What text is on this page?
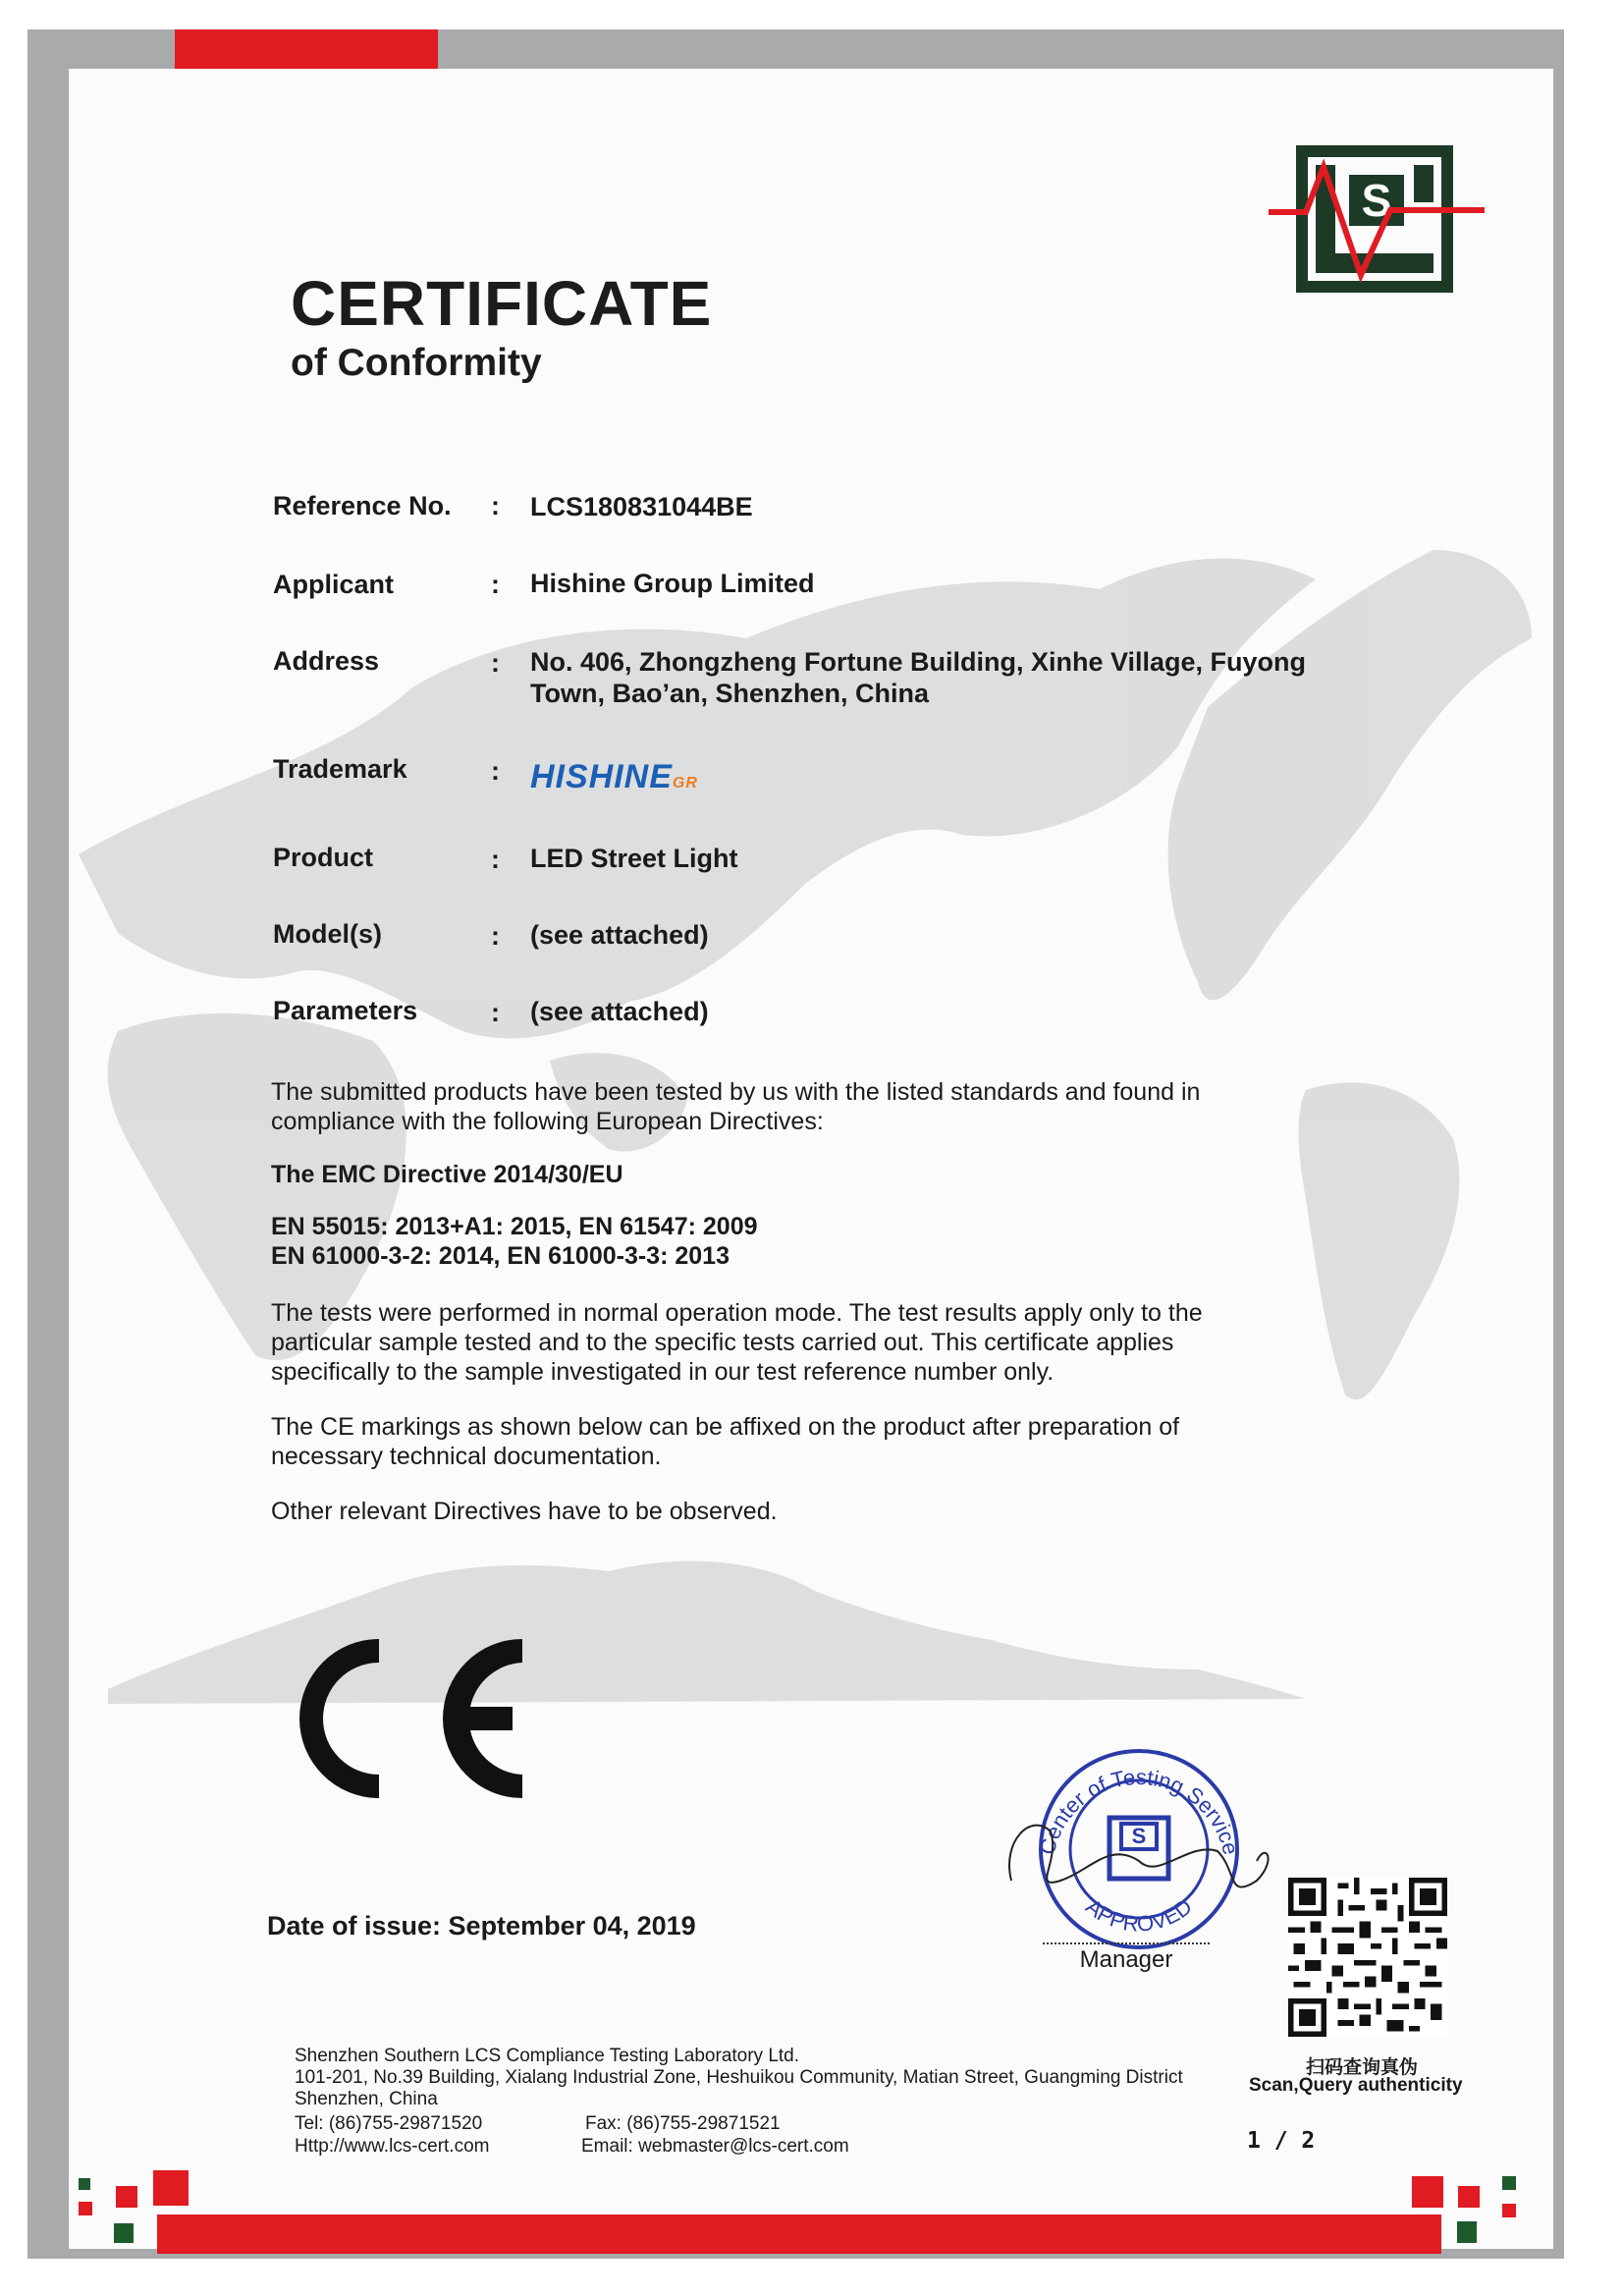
S
CERTIFICATE
of Conformity
Reference No. : LCS180831044BE
Applicant	: Hishine Group Limited
Address	: No. 406, Zhongzheng Fortune Building, Xinhe Village, Fuyong
Town, Bao’an, Shenzhen, China
Trademark	: HISHINEGR
Product	: LED Street Light
Model(s)	: (see attached)
Parameters	: (see attached)
The submitted products have been tested by us with the listed standards and found in
compliance with the following European Directives:
The EMC Directive 2014/30/EU
EN 55015: 2013+A1: 2015, EN 61547: 2009
EN 61000-3-2: 2014, EN 61000-3-3: 2013
The tests were performed in normal operation mode. The test results apply only to the
particular sample tested and to the specific tests carried out. This certificate applies
specifically to the sample investigated in our test reference number only.
The CE markings as shown below can be affixed on the product after preparation of
necessary technical documentation.
Other relevant Directives have to be observed.
Date of issue: September 04, 2019
S
Center of Testing Service
APPROVED
Manager
扫码查询真伪
Scan,Query authenticity
Shenzhen Southern LCS Compliance Testing Laboratory Ltd.
101-201, No.39 Building, Xialang Industrial Zone, Heshuikou Community, Matian Street, Guangming District
Shenzhen, China
Tel: (86)755-29871520	Fax: (86)755-29871521
Http://www.lcs-cert.com	Email: webmaster@lcs-cert.com	1 / 2
